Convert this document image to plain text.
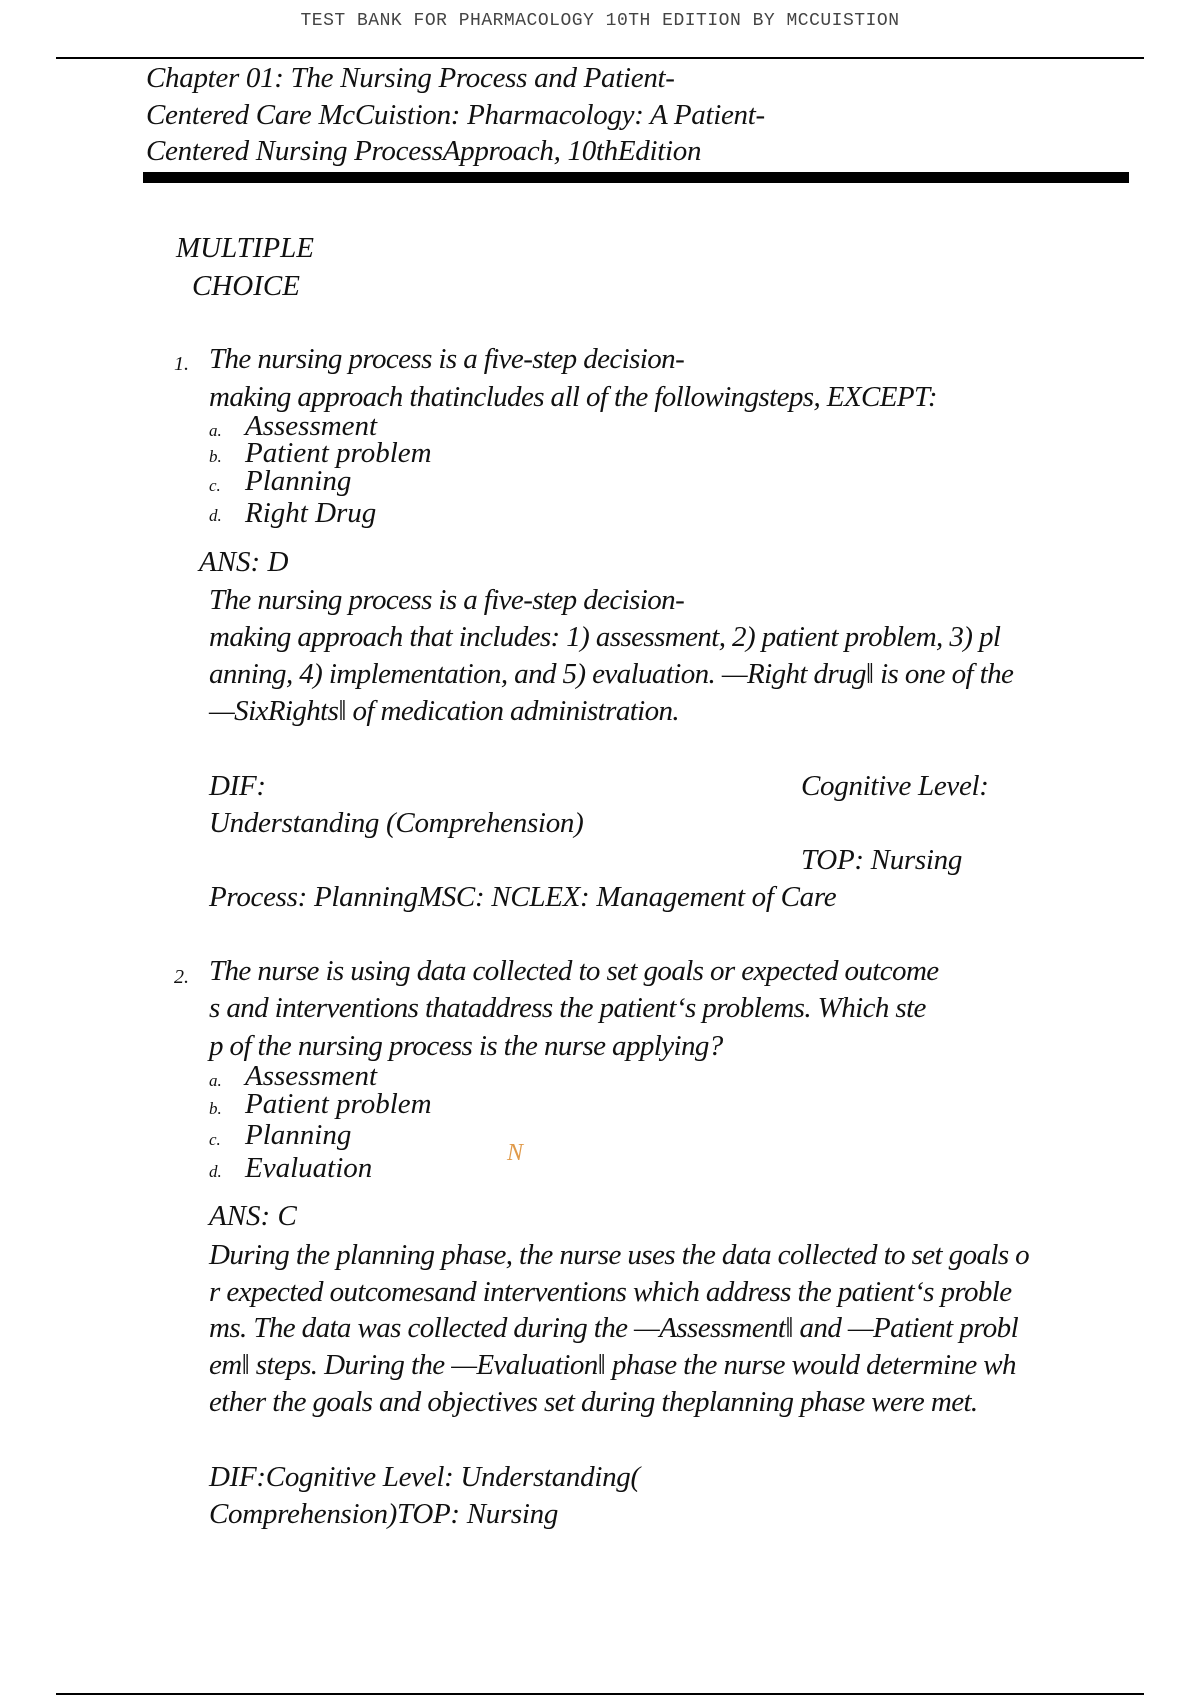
TEST BANK FOR PHARMACOLOGY 10TH EDITION BY MCCUISTION
Chapter 01: The Nursing Process and Patient-
Centered Care McCuistion: Pharmacology: A Patient-
Centered Nursing ProcessApproach, 10thEdition
MULTIPLE
CHOICE
1. The nursing process is a five-step decision-
making approach thatincludes all of the followingsteps, EXCEPT:
a. Assessment
b. Patient problem
c. Planning
d. Right Drug
ANS: D
The nursing process is a five-step decision-
making approach that includes: 1) assessment, 2) patient problem, 3) pl
anning, 4) implementation, and 5) evaluation. —Right drug‖ is one of the
—SixRights‖ of medication administration.
DIF:	Cognitive Level:
Understanding (Comprehension)
TOP: Nursing
Process: PlanningMSC: NCLEX: Management of Care
2. The nurse is using data collected to set goals or expected outcome
s and interventions thataddress the patient‘s problems. Which ste
p of the nursing process is the nurse applying?
a. Assessment
b. Patient problem
c. Planning
d. Evaluation	N
ANS: C
During the planning phase, the nurse uses the data collected to set goals o
r expected outcomesand interventions which address the patient‘s proble
ms. The data was collected during the —Assessment‖ and —Patient probl
em‖ steps. During the —Evaluation‖ phase the nurse would determine wh
ether the goals and objectives set during theplanning phase were met.
DIF:Cognitive Level: Understanding(
Comprehension)TOP: Nursing
